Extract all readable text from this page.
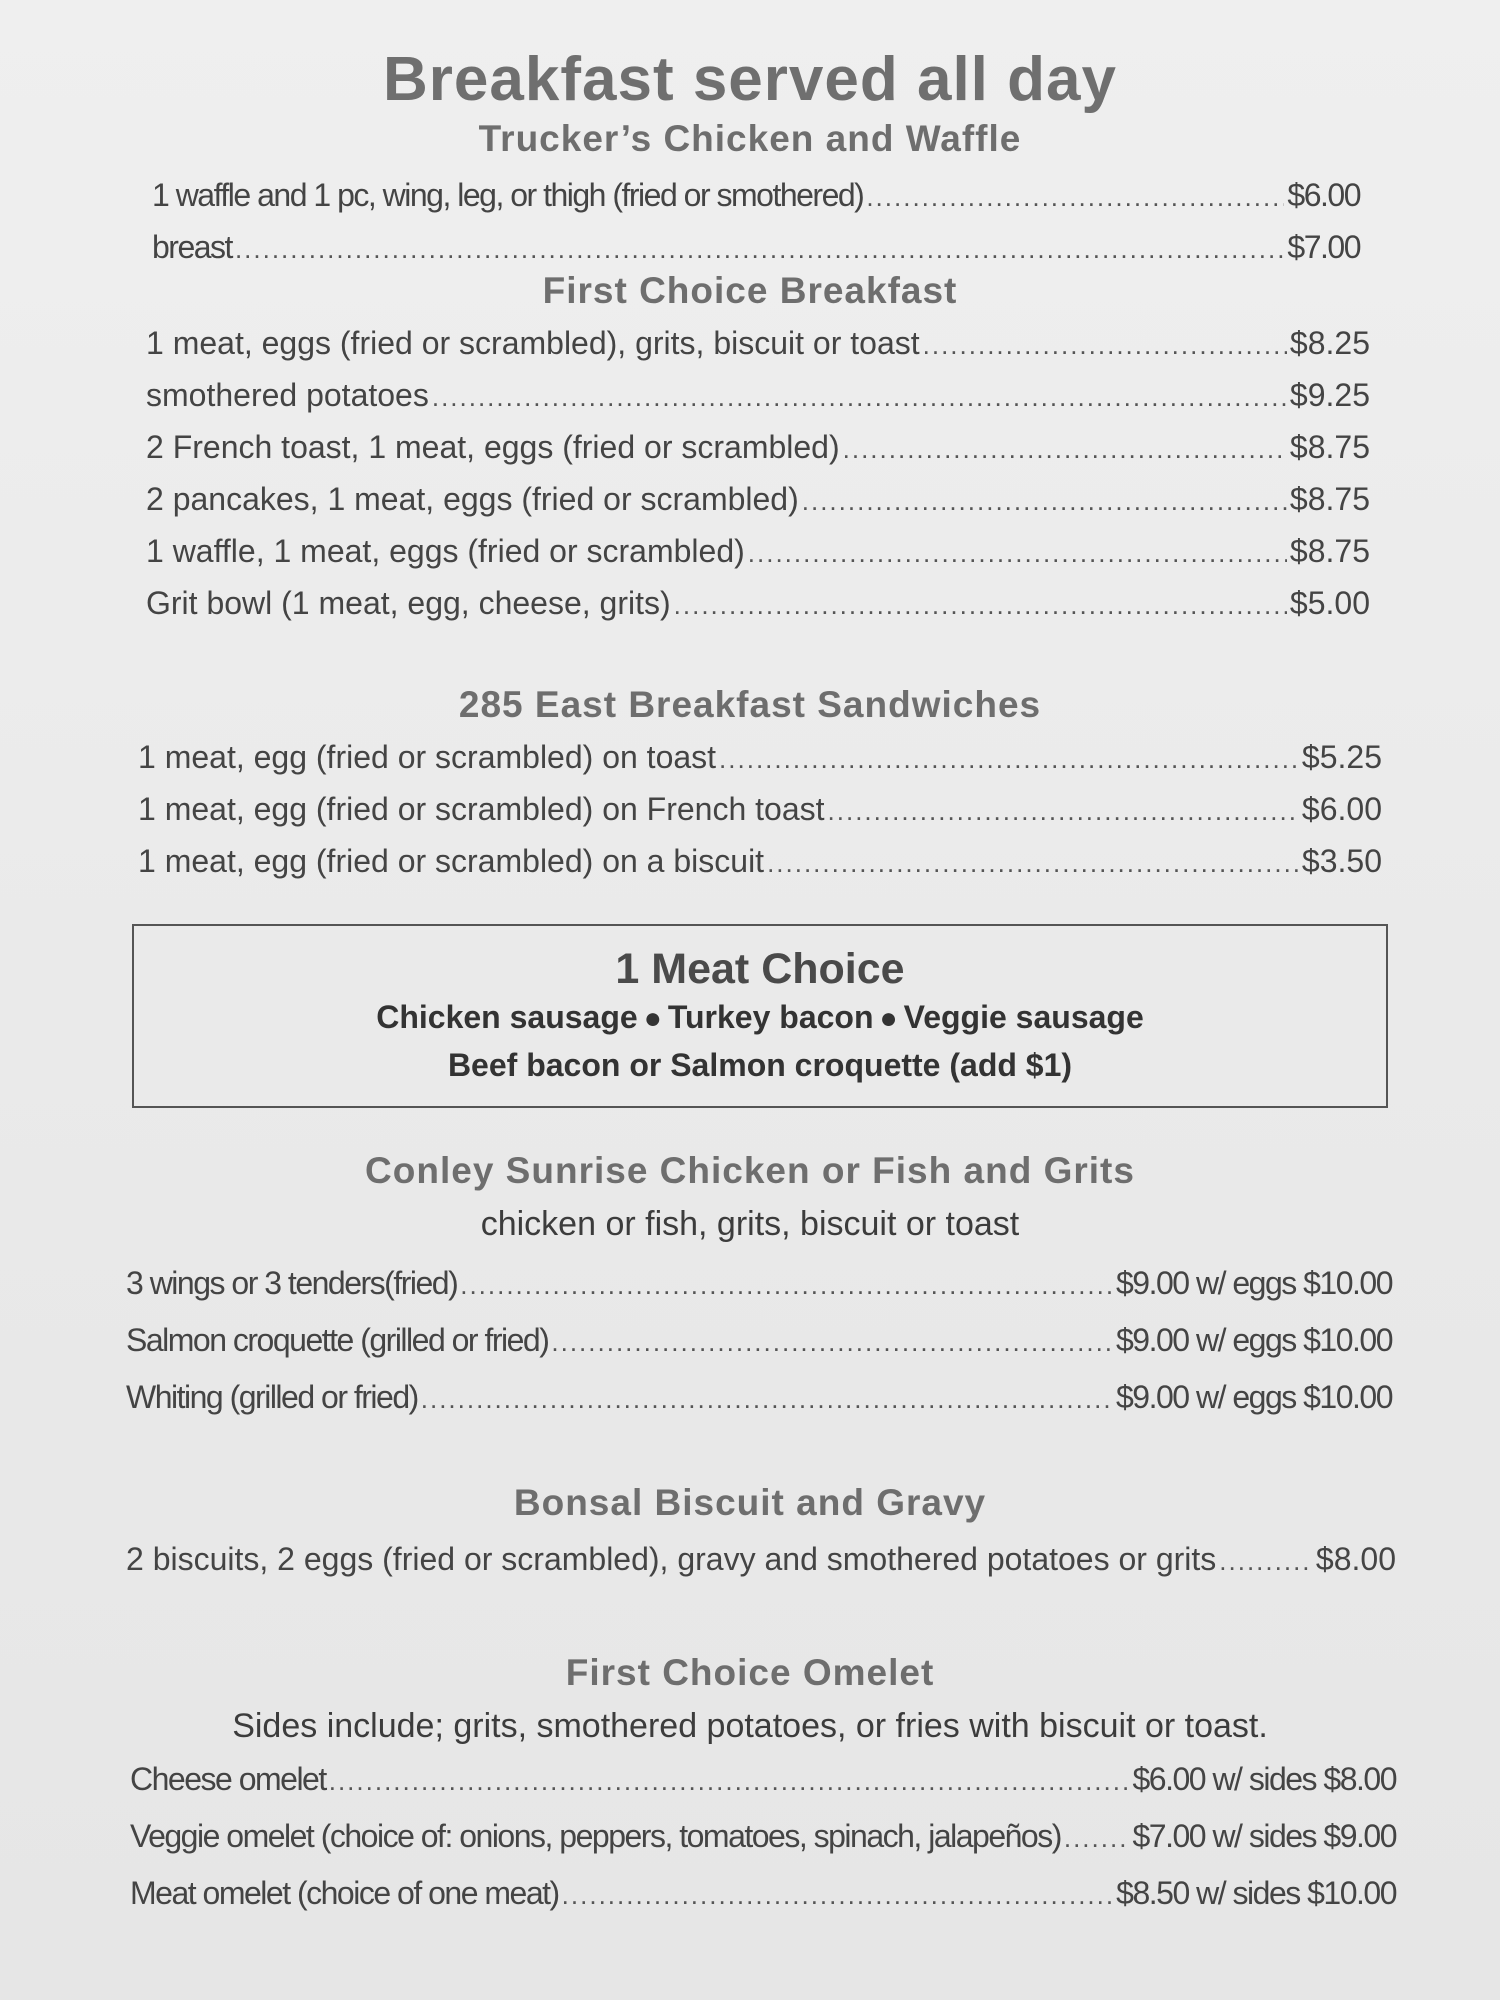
Breakfast served all day
Trucker’s Chicken and Waffle
1 waffle and 1 pc, wing, leg, or thigh (fried or smothered) .....	$6.00
breast .....	$7.00
First Choice Breakfast
1 meat, eggs (fried or scrambled), grits, biscuit or toast .....	$8.25
smothered potatoes .....	$9.25
2 French toast, 1 meat, eggs (fried or scrambled) .....	$8.75
2 pancakes, 1 meat, eggs (fried or scrambled) .....	$8.75
1 waffle, 1 meat, eggs (fried or scrambled) .....	$8.75
Grit bowl (1 meat, egg, cheese, grits) .....	$5.00
285 East Breakfast Sandwiches
1 meat, egg (fried or scrambled) on toast .....	$5.25
1 meat, egg (fried or scrambled) on French toast .....	$6.00
1 meat, egg (fried or scrambled) on a biscuit .....	$3.50
1 Meat Choice

Chicken sausage ● Turkey bacon ● Veggie sausage

Beef bacon or Salmon croquette (add $1)

Conley Sunrise Chicken or Fish and Grits

chicken or fish, grits, biscuit or toast

3 wings or 3 tenders(fried) .....	$9.00 w/ eggs $10.00
Salmon croquette (grilled or fried) .....	$9.00 w/ eggs $10.00
Whiting (grilled or fried) .....	$9.00 w/ eggs $10.00
Bonsal Biscuit and Gravy
2 biscuits, 2 eggs (fried or scrambled), gravy and smothered potatoes or grits .....	$8.00
First Choice Omelet

Sides include; grits, smothered potatoes, or fries with biscuit or toast.

Cheese omelet .....	$6.00 w/ sides $8.00
Veggie omelet (choice of: onions, peppers, tomatoes, spinach, jalapeños) ..... $7.00 w/ sides $9.00
Meat omelet (choice of one meat) .....	$8.50 w/ sides $10.00
